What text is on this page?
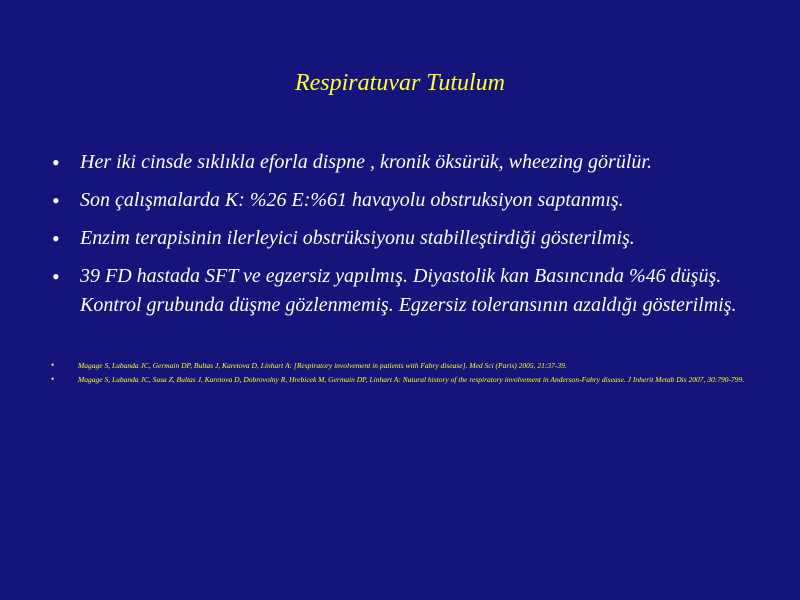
Respiratuvar Tutulum
• Her iki cinsde sıklıkla eforla dispne , kronik öksürük, wheezing görülür.
• Son çalışmalarda K: %26 E:%61 havayolu obstruksiyon saptanmış.
• Enzim terapisinin ilerleyici obstrüksiyonu stabilleştirdiği gösterilmiş.
• 39 FD hastada SFT ve egzersiz yapılmış. Diyastolik kan Basıncında %46 düşüş. Kontrol grubunda düşme gözlenmemiş. Egzersiz toleransının azaldığı gösterilmiş.
•	Magage S, Lubanda JC, Germain DP, Bultas J, Karetova D, Linhart A: [Respiratory involvement in patients with Fabry disease]. Med Sci (Paris) 2005, 21:37-39.
•	Magage S, Lubanda JC, Susa Z, Bultas J, Karetova D, Dobrovolny R, Hrebicek M, Germain DP, Linhart A: Natural history of the respiratory involvement in Anderson-Fabry disease. J Inherit Metab Dis 2007, 30:790-799.
